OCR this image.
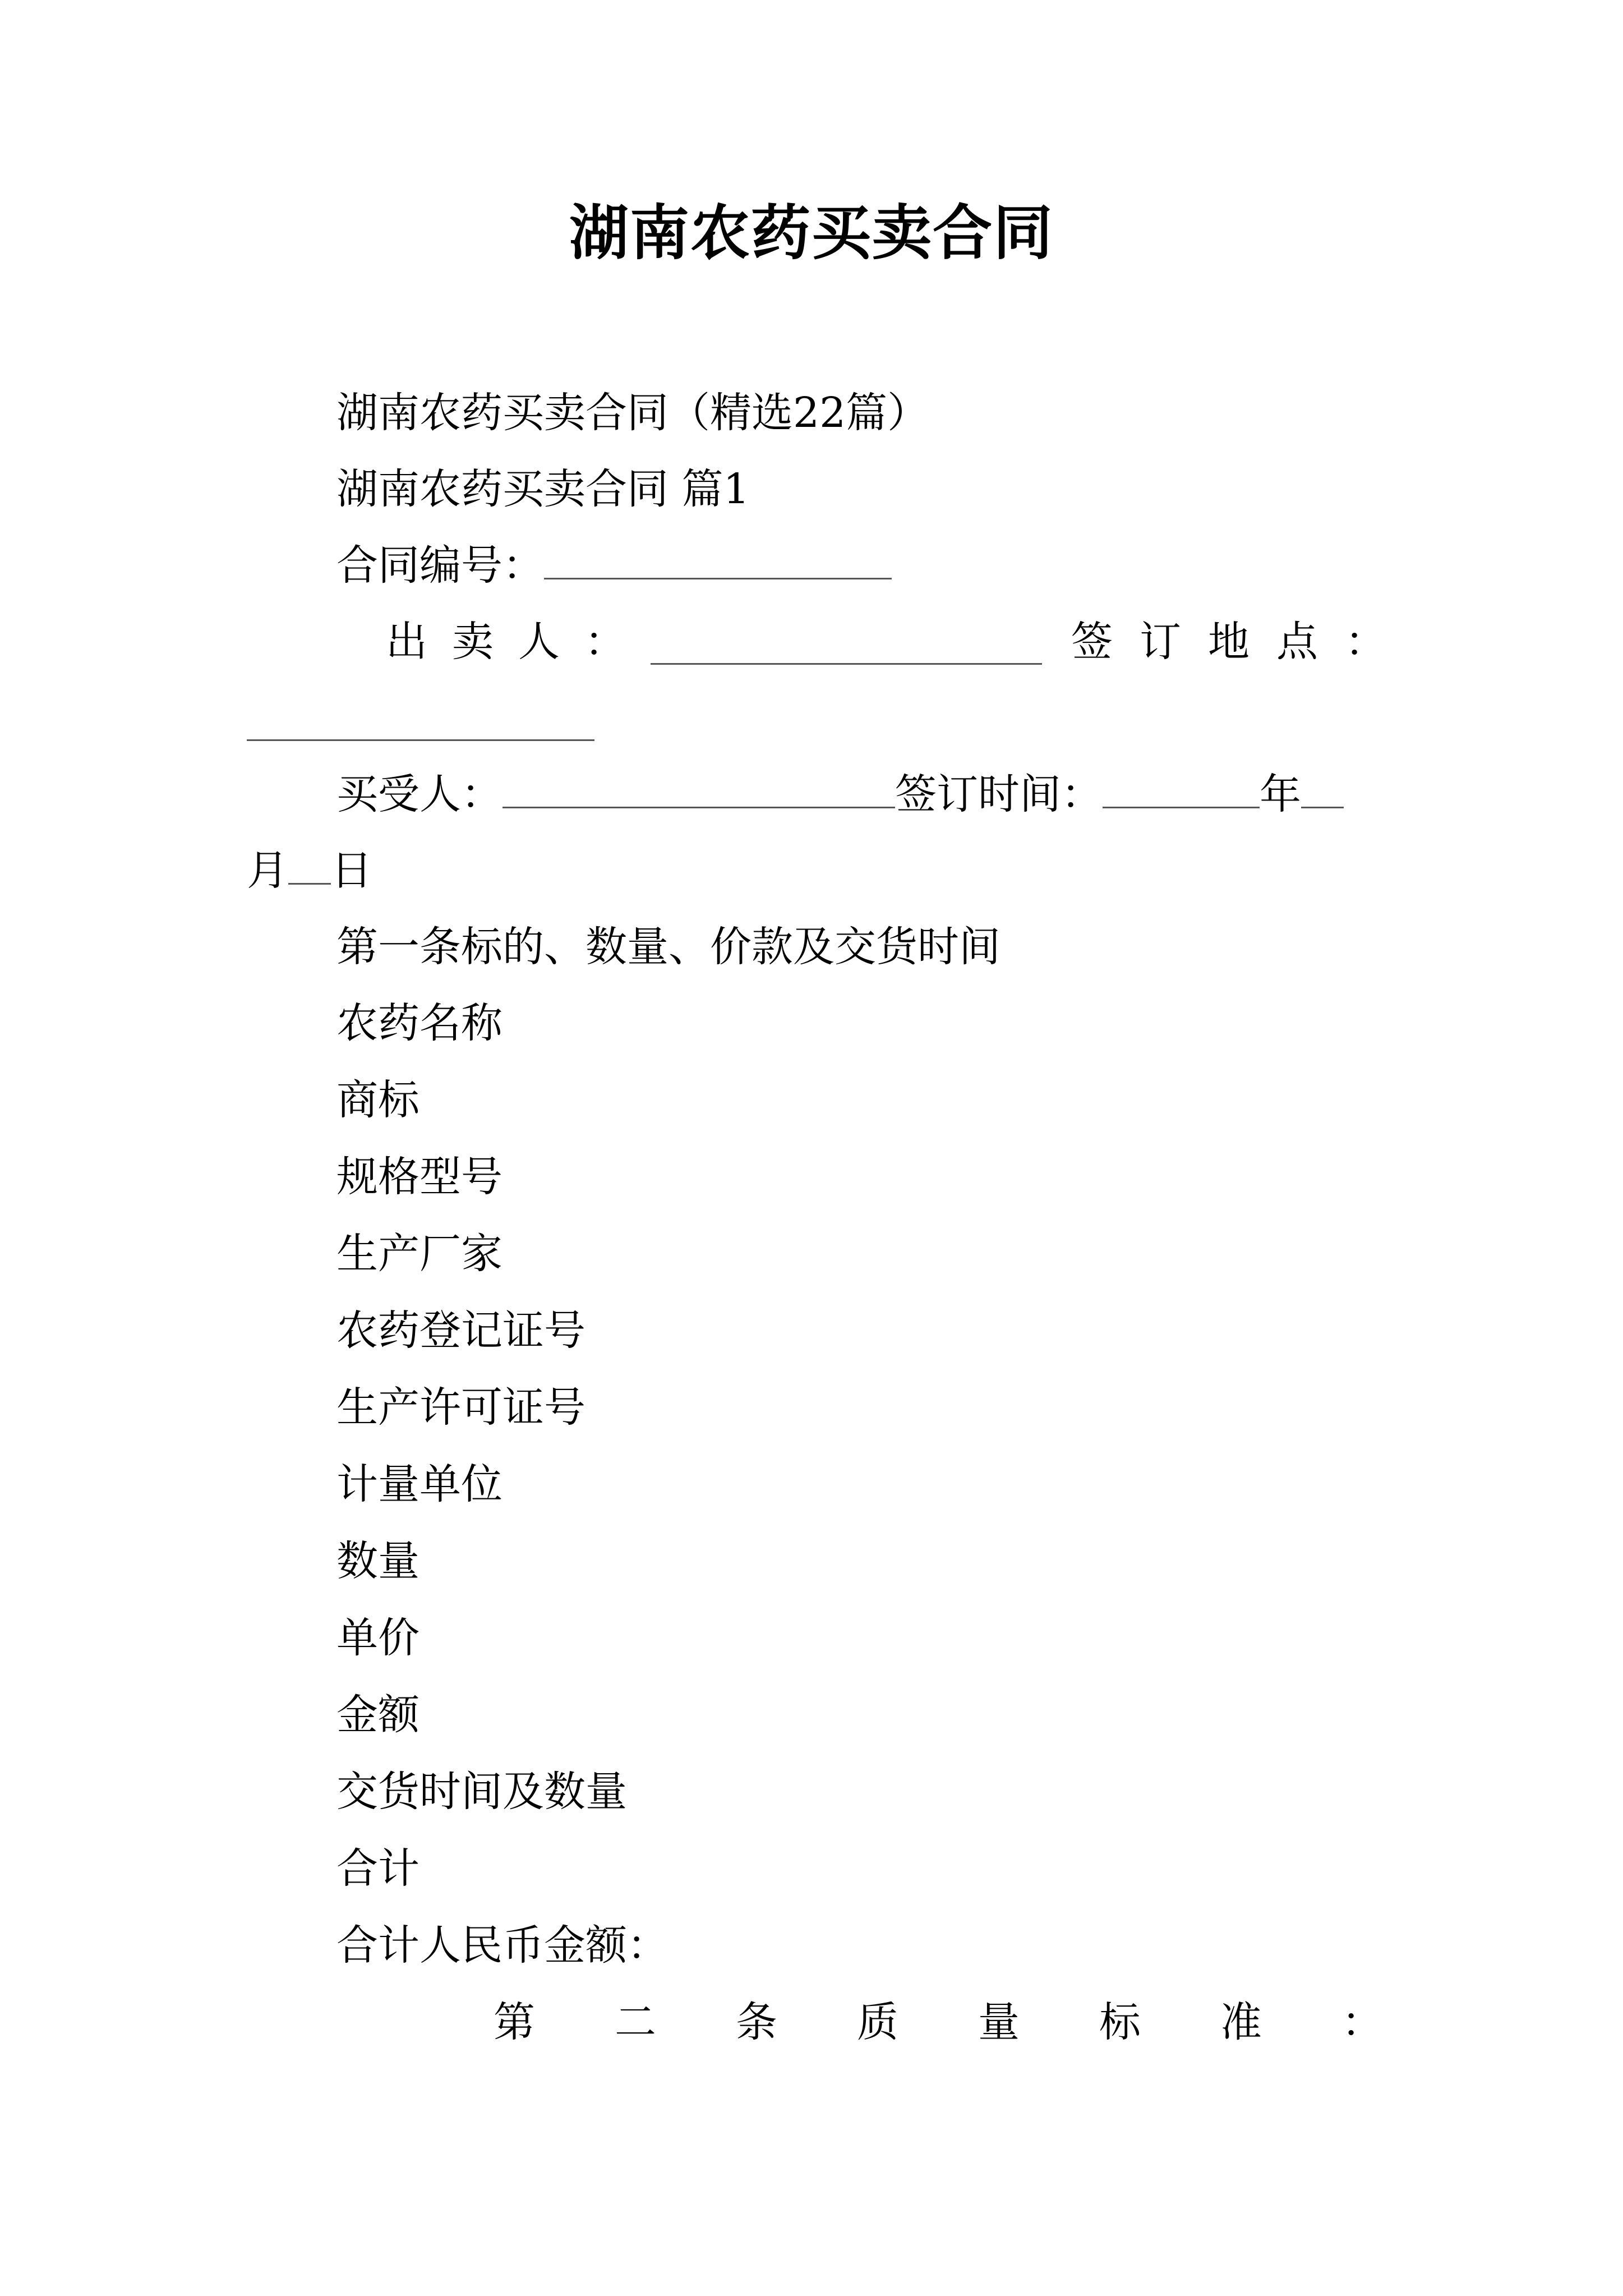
湖南农药买卖合同
湖南农药买卖合同（精选22篇）
湖南农药买卖合同 篇1
合同编号：
出 卖 人 ：	签 订 地 点 ：
买受人：	签订时间：	年
月 日
第一条标的、数量、价款及交货时间
农药名称
商标
规格型号
生产厂家
农药登记证号
生产许可证号
计量单位
数量
单价
金额
交货时间及数量
合计
合计人民币金额：
第 二 条 质 量 标 准 ：
